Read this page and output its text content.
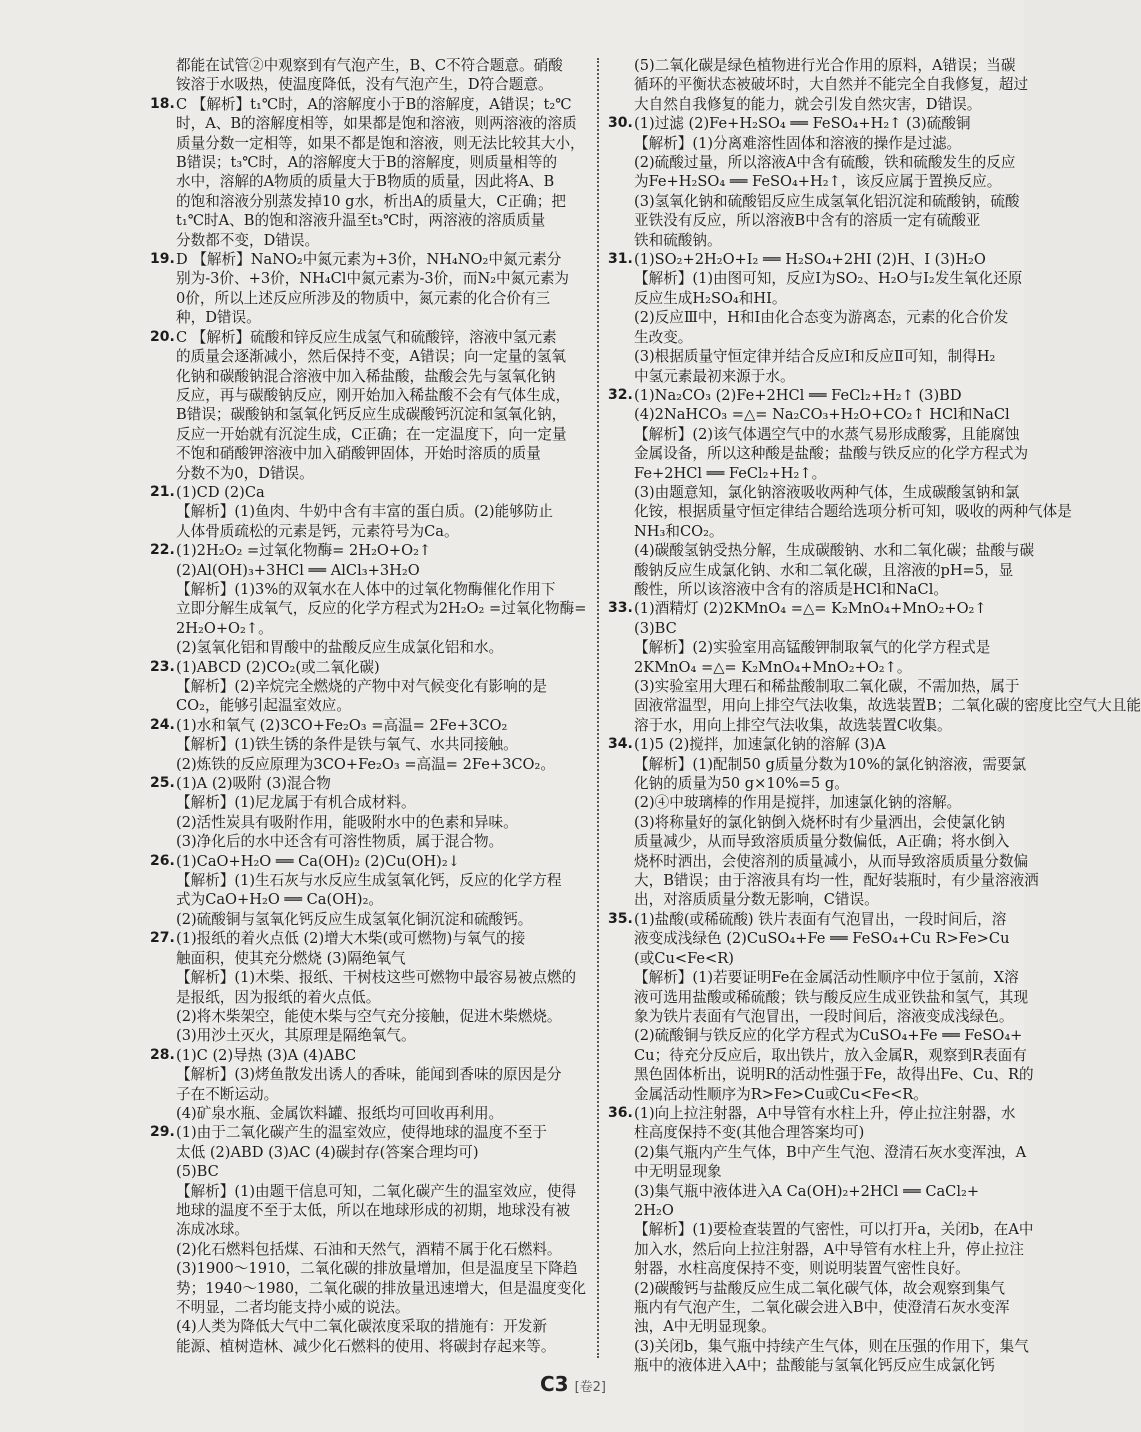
都能在试管②中观察到有气泡产生，B、C不符合题意。硝酸

铵溶于水吸热，使温度降低，没有气泡产生，D符合题意。

18. C 【解析】t₁℃时，A的溶解度小于B的溶解度，A错误；t₂℃

时，A、B的溶解度相等，如果都是饱和溶液，则两溶液的溶质

质量分数一定相等，如果不都是饱和溶液，则无法比较其大小，

B错误；t₃℃时，A的溶解度大于B的溶解度，则质量相等的

水中，溶解的A物质的质量大于B物质的质量，因此将A、B

的饱和溶液分别蒸发掉10 g水，析出A的质量大，C正确；把

t₁℃时A、B的饱和溶液升温至t₃℃时，两溶液的溶质质量

分数都不变，D错误。

19. D 【解析】NaNO₂中氮元素为+3价，NH₄NO₂中氮元素分

别为-3价、+3价，NH₄Cl中氮元素为-3价，而N₂中氮元素为

0价，所以上述反应所涉及的物质中，氮元素的化合价有三

种，D错误。

20. C 【解析】硫酸和锌反应生成氢气和硫酸锌，溶液中氢元素

的质量会逐渐减小，然后保持不变，A错误；向一定量的氢氧

化钠和碳酸钠混合溶液中加入稀盐酸，盐酸会先与氢氧化钠

反应，再与碳酸钠反应，刚开始加入稀盐酸不会有气体生成，

B错误；碳酸钠和氢氧化钙反应生成碳酸钙沉淀和氢氧化钠，

反应一开始就有沉淀生成，C正确；在一定温度下，向一定量

不饱和硝酸钾溶液中加入硝酸钾固体，开始时溶质的质量

分数不为0，D错误。

21. (1)CD (2)Ca

【解析】(1)鱼肉、牛奶中含有丰富的蛋白质。(2)能够防止

人体骨质疏松的元素是钙，元素符号为Ca。

22. (1)2H₂O₂ =过氧化物酶= 2H₂O+O₂↑

(2)Al(OH)₃+3HCl ══ AlCl₃+3H₂O

【解析】(1)3%的双氧水在人体中的过氧化物酶催化作用下

立即分解生成氧气，反应的化学方程式为2H₂O₂ =过氧化物酶=

2H₂O+O₂↑。

(2)氢氧化铝和胃酸中的盐酸反应生成氯化铝和水。

23. (1)ABCD (2)CO₂(或二氧化碳)

【解析】(2)辛烷完全燃烧的产物中对气候变化有影响的是

CO₂，能够引起温室效应。

24. (1)水和氧气 (2)3CO+Fe₂O₃ =高温= 2Fe+3CO₂

【解析】(1)铁生锈的条件是铁与氧气、水共同接触。

(2)炼铁的反应原理为3CO+Fe₂O₃ =高温= 2Fe+3CO₂。

25. (1)A (2)吸附 (3)混合物

【解析】(1)尼龙属于有机合成材料。

(2)活性炭具有吸附作用，能吸附水中的色素和异味。

(3)净化后的水中还含有可溶性物质，属于混合物。

26. (1)CaO+H₂O ══ Ca(OH)₂ (2)Cu(OH)₂↓

【解析】(1)生石灰与水反应生成氢氧化钙，反应的化学方程

式为CaO+H₂O ══ Ca(OH)₂。

(2)硫酸铜与氢氧化钙反应生成氢氧化铜沉淀和硫酸钙。

27. (1)报纸的着火点低 (2)增大木柴(或可燃物)与氧气的接

触面积，使其充分燃烧 (3)隔绝氧气

【解析】(1)木柴、报纸、干树枝这些可燃物中最容易被点燃的

是报纸，因为报纸的着火点低。

(2)将木柴架空，能使木柴与空气充分接触，促进木柴燃烧。

(3)用沙土灭火，其原理是隔绝氧气。

28. (1)C (2)导热 (3)A (4)ABC

【解析】(3)烤鱼散发出诱人的香味，能闻到香味的原因是分

子在不断运动。

(4)矿泉水瓶、金属饮料罐、报纸均可回收再利用。

29. (1)由于二氧化碳产生的温室效应，使得地球的温度不至于

太低 (2)ABD (3)AC (4)碳封存(答案合理均可)

(5)BC

【解析】(1)由题干信息可知，二氧化碳产生的温室效应，使得

地球的温度不至于太低，所以在地球形成的初期，地球没有被

冻成冰球。

(2)化石燃料包括煤、石油和天然气，酒精不属于化石燃料。

(3)1900～1910，二氧化碳的排放量增加，但是温度呈下降趋

势；1940～1980，二氧化碳的排放量迅速增大，但是温度变化

不明显，二者均能支持小威的说法。

(4)人类为降低大气中二氧化碳浓度采取的措施有：开发新

能源、植树造林、减少化石燃料的使用、将碳封存起来等。

(5)二氧化碳是绿色植物进行光合作用的原料，A错误；当碳

循环的平衡状态被破坏时，大自然并不能完全自我修复，超过

大自然自我修复的能力，就会引发自然灾害，D错误。

30. (1)过滤 (2)Fe+H₂SO₄ ══ FeSO₄+H₂↑ (3)硫酸铜

【解析】(1)分离难溶性固体和溶液的操作是过滤。

(2)硫酸过量，所以溶液A中含有硫酸，铁和硫酸发生的反应

为Fe+H₂SO₄ ══ FeSO₄+H₂↑，该反应属于置换反应。

(3)氢氧化钠和硫酸铝反应生成氢氧化铝沉淀和硫酸钠，硫酸

亚铁没有反应，所以溶液B中含有的溶质一定有硫酸亚

铁和硫酸钠。

31. (1)SO₂+2H₂O+I₂ ══ H₂SO₄+2HI (2)H、I (3)H₂O

【解析】(1)由图可知，反应Ⅰ为SO₂、H₂O与I₂发生氧化还原

反应生成H₂SO₄和HI。

(2)反应Ⅲ中，H和I由化合态变为游离态，元素的化合价发

生改变。

(3)根据质量守恒定律并结合反应Ⅰ和反应Ⅱ可知，制得H₂

中氢元素最初来源于水。

32. (1)Na₂CO₃ (2)Fe+2HCl ══ FeCl₂+H₂↑ (3)BD

(4)2NaHCO₃ =△= Na₂CO₃+H₂O+CO₂↑ HCl和NaCl

【解析】(2)该气体遇空气中的水蒸气易形成酸雾，且能腐蚀

金属设备，所以这种酸是盐酸；盐酸与铁反应的化学方程式为

Fe+2HCl ══ FeCl₂+H₂↑。

(3)由题意知，氯化钠溶液吸收两种气体，生成碳酸氢钠和氯

化铵，根据质量守恒定律结合题给选项分析可知，吸收的两种气体是

NH₃和CO₂。

(4)碳酸氢钠受热分解，生成碳酸钠、水和二氧化碳；盐酸与碳

酸钠反应生成氯化钠、水和二氧化碳，且溶液的pH=5，显

酸性，所以该溶液中含有的溶质是HCl和NaCl。

33. (1)酒精灯 (2)2KMnO₄ =△= K₂MnO₄+MnO₂+O₂↑

(3)BC

【解析】(2)实验室用高锰酸钾制取氧气的化学方程式是

2KMnO₄ =△= K₂MnO₄+MnO₂+O₂↑。

(3)实验室用大理石和稀盐酸制取二氧化碳，不需加热，属于

固液常温型，用向上排空气法收集，故选装置B；二氧化碳的密度比空气大且能

溶于水，用向上排空气法收集，故选装置C收集。

34. (1)5 (2)搅拌，加速氯化钠的溶解 (3)A

【解析】(1)配制50 g质量分数为10%的氯化钠溶液，需要氯

化钠的质量为50 g×10%=5 g。

(2)④中玻璃棒的作用是搅拌，加速氯化钠的溶解。

(3)将称量好的氯化钠倒入烧杯时有少量洒出，会使氯化钠

质量减少，从而导致溶质质量分数偏低，A正确；将水倒入

烧杯时洒出，会使溶剂的质量减小，从而导致溶质质量分数偏

大，B错误；由于溶液具有均一性，配好装瓶时，有少量溶液洒

出，对溶质质量分数无影响，C错误。

35. (1)盐酸(或稀硫酸) 铁片表面有气泡冒出，一段时间后，溶

液变成浅绿色 (2)CuSO₄+Fe ══ FeSO₄+Cu R>Fe>Cu

(或Cu<Fe<R)

【解析】(1)若要证明Fe在金属活动性顺序中位于氢前，X溶

液可选用盐酸或稀硫酸；铁与酸反应生成亚铁盐和氢气，其现

象为铁片表面有气泡冒出，一段时间后，溶液变成浅绿色。

(2)硫酸铜与铁反应的化学方程式为CuSO₄+Fe ══ FeSO₄+

Cu；待充分反应后，取出铁片，放入金属R，观察到R表面有

黑色固体析出，说明R的活动性强于Fe，故得出Fe、Cu、R的

金属活动性顺序为R>Fe>Cu或Cu<Fe<R。

36. (1)向上拉注射器，A中导管有水柱上升，停止拉注射器，水

柱高度保持不变(其他合理答案均可)

(2)集气瓶内产生气体，B中产生气泡、澄清石灰水变浑浊，A

中无明显现象

(3)集气瓶中液体进入A Ca(OH)₂+2HCl ══ CaCl₂+

2H₂O

【解析】(1)要检查装置的气密性，可以打开a，关闭b，在A中

加入水，然后向上拉注射器，A中导管有水柱上升，停止拉注

射器，水柱高度保持不变，则说明装置气密性良好。

(2)碳酸钙与盐酸反应生成二氧化碳气体，故会观察到集气

瓶内有气泡产生，二氧化碳会进入B中，使澄清石灰水变浑

浊，A中无明显现象。

(3)关闭b，集气瓶中持续产生气体，则在压强的作用下，集气

瓶中的液体进入A中；盐酸能与氢氧化钙反应生成氯化钙

C3 [卷2]
